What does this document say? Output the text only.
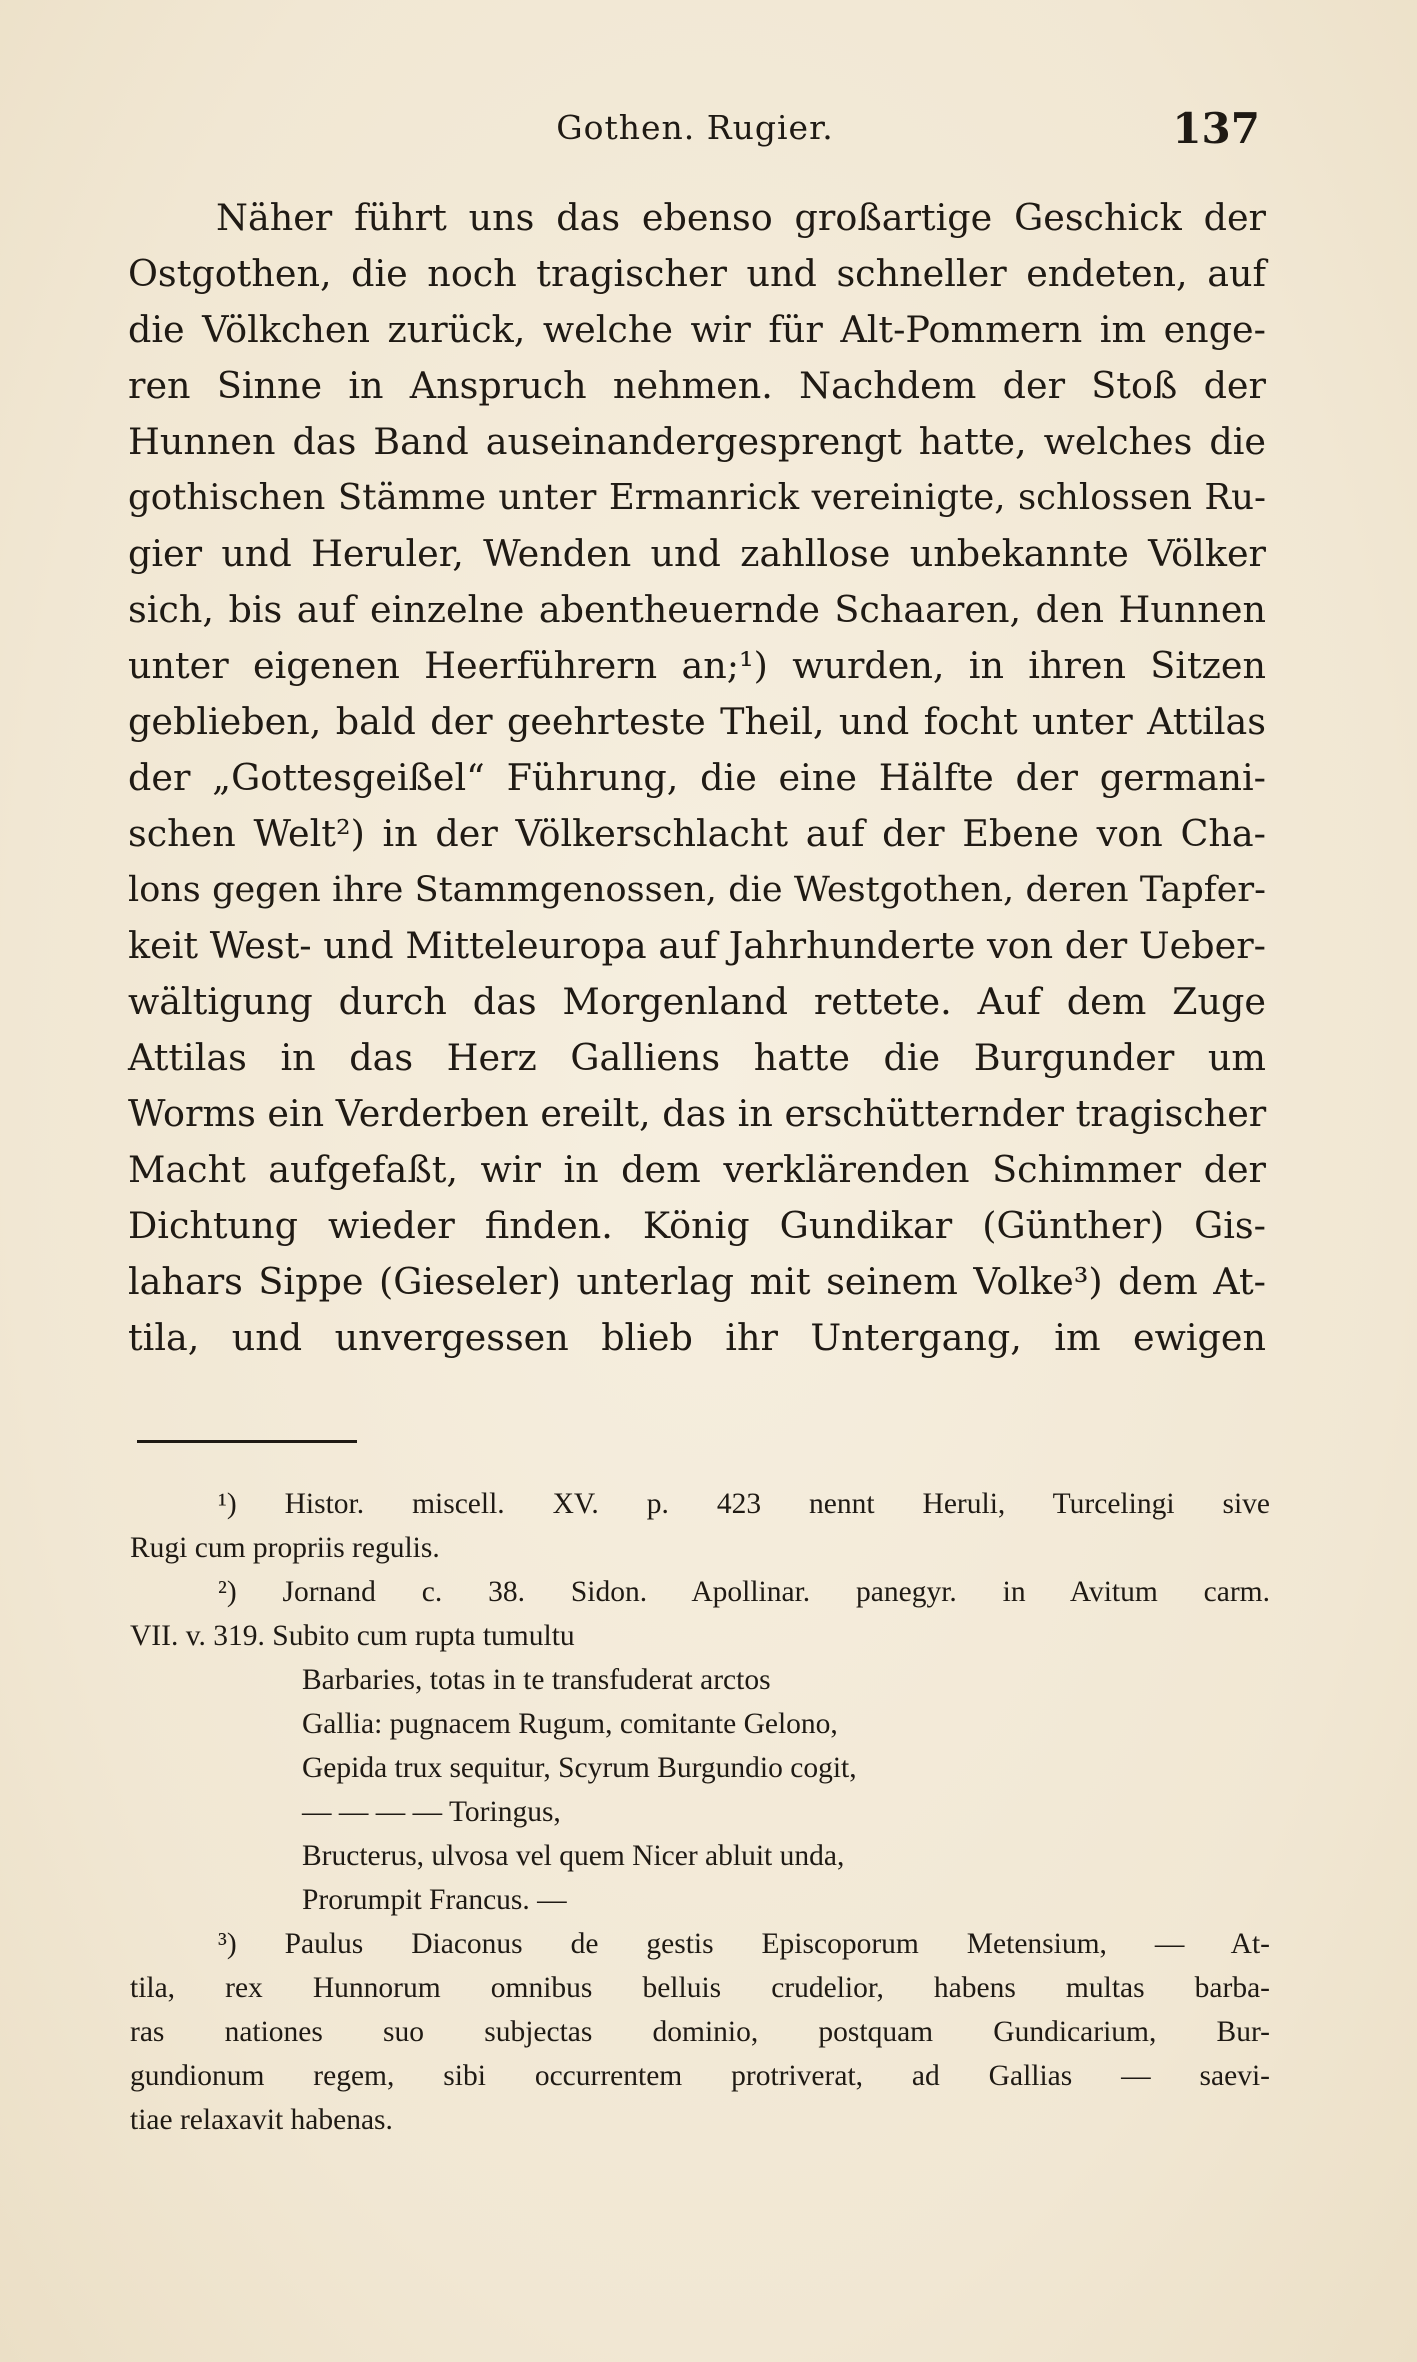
Gothen. Rugier.	137
Näher führt uns das ebenso großartige Geschick der
Ostgothen, die noch tragischer und schneller endeten, auf
die Völkchen zurück, welche wir für Alt-Pommern im enge-
ren Sinne in Anspruch nehmen. Nachdem der Stoß der
Hunnen das Band auseinandergesprengt hatte, welches die
gothischen Stämme unter Ermanrick vereinigte, schlossen Ru-
gier und Heruler, Wenden und zahllose unbekannte Völker
sich, bis auf einzelne abentheuernde Schaaren, den Hunnen
unter eigenen Heerführern an;¹) wurden, in ihren Sitzen
geblieben, bald der geehrteste Theil, und focht unter Attilas
der „Gottesgeißel“ Führung, die eine Hälfte der germani-
schen Welt²) in der Völkerschlacht auf der Ebene von Cha-
lons gegen ihre Stammgenossen, die Westgothen, deren Tapfer-
keit West- und Mitteleuropa auf Jahrhunderte von der Ueber-
wältigung durch das Morgenland rettete. Auf dem Zuge
Attilas in das Herz Galliens hatte die Burgunder um
Worms ein Verderben ereilt, das in erschütternder tragischer
Macht aufgefaßt, wir in dem verklärenden Schimmer der
Dichtung wieder finden. König Gundikar (Günther) Gis-
lahars Sippe (Gieseler) unterlag mit seinem Volke³) dem At-
tila, und unvergessen blieb ihr Untergang, im ewigen
¹) Histor. miscell. XV. p. 423 nennt Heruli, Turcelingi sive
Rugi cum propriis regulis.
²) Jornand c. 38. Sidon. Apollinar. panegyr. in Avitum carm.
VII. v. 319. Subito cum rupta tumultu
Barbaries, totas in te transfuderat arctos
Gallia: pugnacem Rugum, comitante Gelono,
Gepida trux sequitur, Scyrum Burgundio cogit,
— — — — Toringus,
Bructerus, ulvosa vel quem Nicer abluit unda,
Prorumpit Francus. —
³) Paulus Diaconus de gestis Episcoporum Metensium, — At-
tila, rex Hunnorum omnibus belluis crudelior, habens multas barba-
ras nationes suo subjectas dominio, postquam Gundicarium, Bur-
gundionum regem, sibi occurrentem protriverat, ad Gallias — saevi-
tiae relaxavit habenas.
